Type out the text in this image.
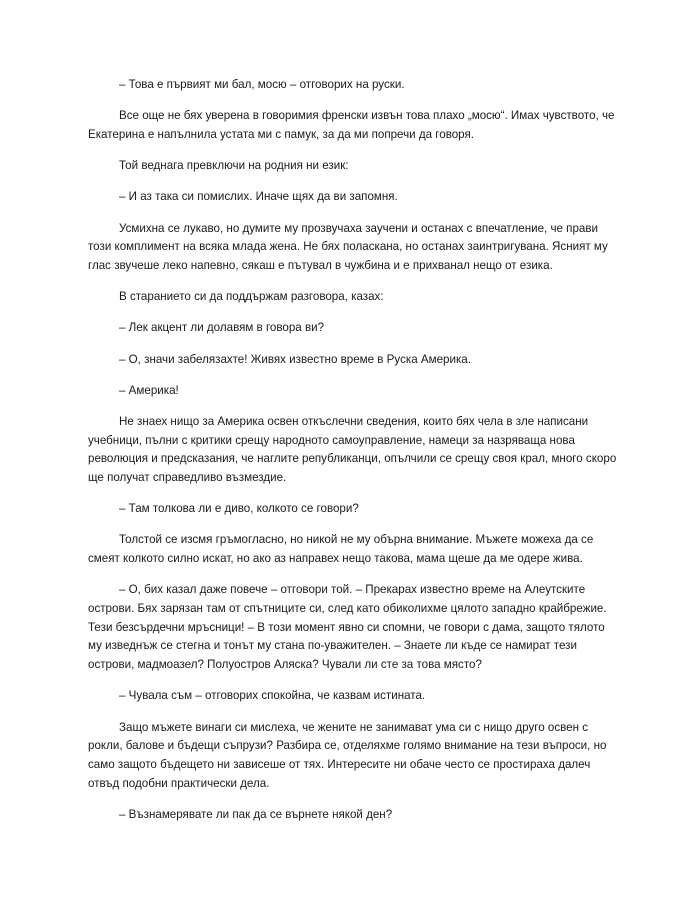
– Това е първият ми бал, мосю – отговорих на руски.

Все още не бях уверена в говоримия френски извън това плахо „мосю“. Имах чувството, че Екатерина е напълнила устата ми с памук, за да ми попречи да говоря.

Той веднага превключи на родния ни език:

– И аз така си помислих. Иначе щях да ви запомня.

Усмихна се лукаво, но думите му прозвучаха заучени и останах с впечатление, че прави този комплимент на всяка млада жена. Не бях поласкана, но останах заинтригувана. Ясният му глас звучеше леко напевно, сякаш е пътувал в чужбина и е прихванал нещо от езика.

В старанието си да поддържам разговора, казах:

– Лек акцент ли долавям в говора ви?

– О, значи забелязахте! Живях известно време в Руска Америка.

– Америка!

Не знаех нищо за Америка освен откъслечни сведения, които бях чела в зле написани учебници, пълни с критики срещу народното самоуправление, намеци за назряваща нова революция и предсказания, че наглите републиканци, опълчили се срещу своя крал, много скоро ще получат справедливо възмездие.

– Там толкова ли е диво, колкото се говори?

Толстой се изсмя гръмогласно, но никой не му обърна внимание. Мъжете можеха да се смеят колкото силно искат, но ако аз направех нещо такова, мама щеше да ме одере жива.

– О, бих казал даже повече – отговори той. – Прекарах известно време на Алеутските острови. Бях зарязан там от спътниците си, след като обиколихме цялото западно крайбрежие. Тези безсърдечни мръсници! – В този момент явно си спомни, че говори с дама, защото тялото му изведнъж се стегна и тонът му стана по-уважителен. – Знаете ли къде се намират тези острови, мадмоазел? Полуостров Аляска? Чували ли сте за това място?

– Чувала съм – отговорих спокойна, че казвам истината.

Защо мъжете винаги си мислеха, че жените не занимават ума си с нищо друго освен с рокли, балове и бъдещи съпрузи? Разбира се, отделяхме голямо внимание на тези въпроси, но само защото бъдещето ни зависеше от тях. Интересите ни обаче често се простираха далеч отвъд подобни практически дела.

– Възнамерявате ли пак да се върнете някой ден?
